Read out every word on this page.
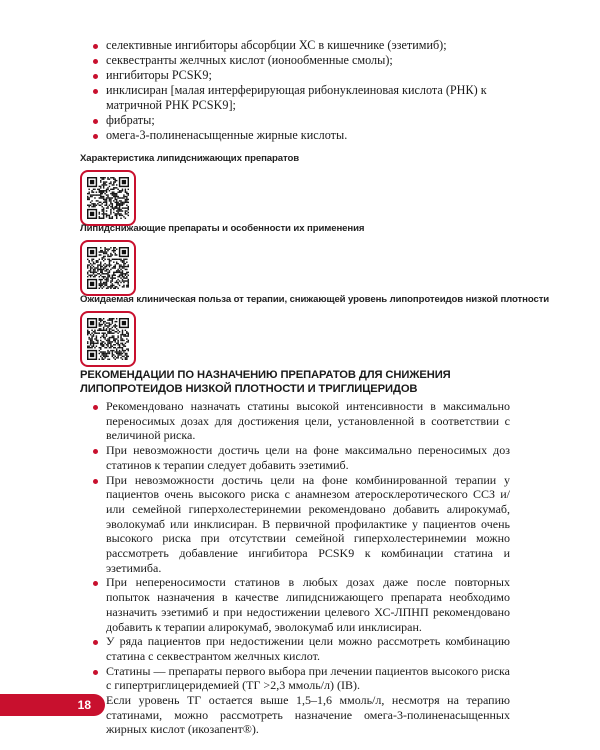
селективные ингибиторы абсорбции ХС в кишечнике (эзетимиб);
секвестранты желчных кислот (ионообменные смолы);
ингибиторы PCSK9;
инклисиран [малая интерферирующая рибонуклеиновая кислота (РНК) к матричной РНК PCSK9];
фибраты;
омега-3-полиненасыщенные жирные кислоты.
Характеристика липидснижающих препаратов
Липидснижающие препараты и особенности их применения
Ожидаемая клиническая польза от терапии, снижающей уровень липопротеидов низкой плотности
РЕКОМЕНДАЦИИ ПО НАЗНАЧЕНИЮ ПРЕПАРАТОВ ДЛЯ СНИЖЕНИЯ ЛИПОПРОТЕИДОВ НИЗКОЙ ПЛОТНОСТИ И ТРИГЛИЦЕРИДОВ
Рекомендовано назначать статины высокой интенсивности в максимально переносимых дозах для достижения цели, установленной в соответствии с величиной риска.
При невозможности достичь цели на фоне максимально переносимых доз статинов к терапии следует добавить эзетимиб.
При невозможности достичь цели на фоне комбинированной терапии у пациентов очень высокого риска с анамнезом атеросклеротического ССЗ и/или семейной гиперхолестеринемии рекомендовано добавить алирокумаб, эволокумаб или инклисиран. В первичной профилактике у пациентов очень высокого риска при отсутствии семейной гиперхолестеринемии можно рассмотреть добавление ингибитора PCSK9 к комбинации статина и эзетимиба.
При непереносимости статинов в любых дозах даже после повторных попыток назначения в качестве липидснижающего препарата необходимо назначить эзетимиб и при недостижении целевого ХС-ЛПНП рекомендовано добавить к терапии алирокумаб, эволокумаб или инклисиран.
У ряда пациентов при недостижении цели можно рассмотреть комбинацию статина с секвестрантом желчных кислот.
Статины — препараты первого выбора при лечении пациентов высокого риска с гипертриглицеридемией (ТГ >2,3 ммоль/л) (IB).
Если уровень ТГ остается выше 1,5–1,6 ммоль/л, несмотря на терапию статинами, можно рассмотреть назначение омега-3-полиненасыщенных жирных кислот (икозапент®).
18
